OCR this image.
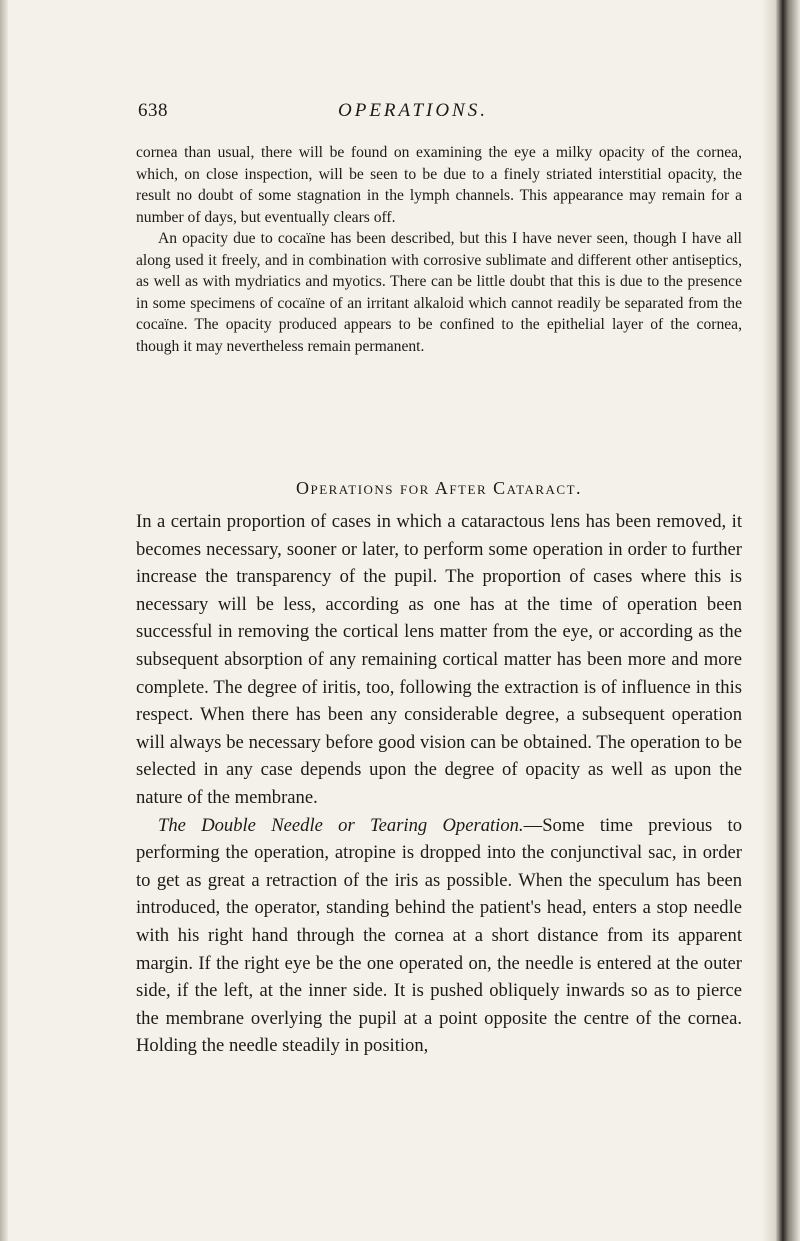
638	OPERATIONS.

cornea than usual, there will be found on examining the eye a milky opacity of the cornea, which, on close inspection, will be seen to be due to a finely striated interstitial opacity, the result no doubt of some stagnation in the lymph channels. This appearance may remain for a number of days, but eventually clears off.

An opacity due to cocaïne has been described, but this I have never seen, though I have all along used it freely, and in combination with corrosive sublimate and different other antiseptics, as well as with mydriatics and myotics. There can be little doubt that this is due to the presence in some specimens of cocaïne of an irritant alkaloid which cannot readily be separated from the cocaïne. The opacity produced appears to be confined to the epithelial layer of the cornea, though it may nevertheless remain permanent.

Operations for After Cataract.

In a certain proportion of cases in which a cataractous lens has been removed, it becomes necessary, sooner or later, to perform some operation in order to further increase the transparency of the pupil. The proportion of cases where this is necessary will be less, according as one has at the time of operation been successful in removing the cortical lens matter from the eye, or according as the subsequent absorption of any remaining cortical matter has been more and more complete. The degree of iritis, too, following the extraction is of influence in this respect. When there has been any considerable degree, a subsequent operation will always be necessary before good vision can be obtained. The operation to be selected in any case depends upon the degree of opacity as well as upon the nature of the membrane.

The Double Needle or Tearing Operation.—Some time previous to performing the operation, atropine is dropped into the conjunctival sac, in order to get as great a retraction of the iris as possible. When the speculum has been introduced, the operator, standing behind the patient's head, enters a stop needle with his right hand through the cornea at a short distance from its apparent margin. If the right eye be the one operated on, the needle is entered at the outer side, if the left, at the inner side. It is pushed obliquely inwards so as to pierce the membrane overlying the pupil at a point opposite the centre of the cornea. Holding the needle steadily in position,
